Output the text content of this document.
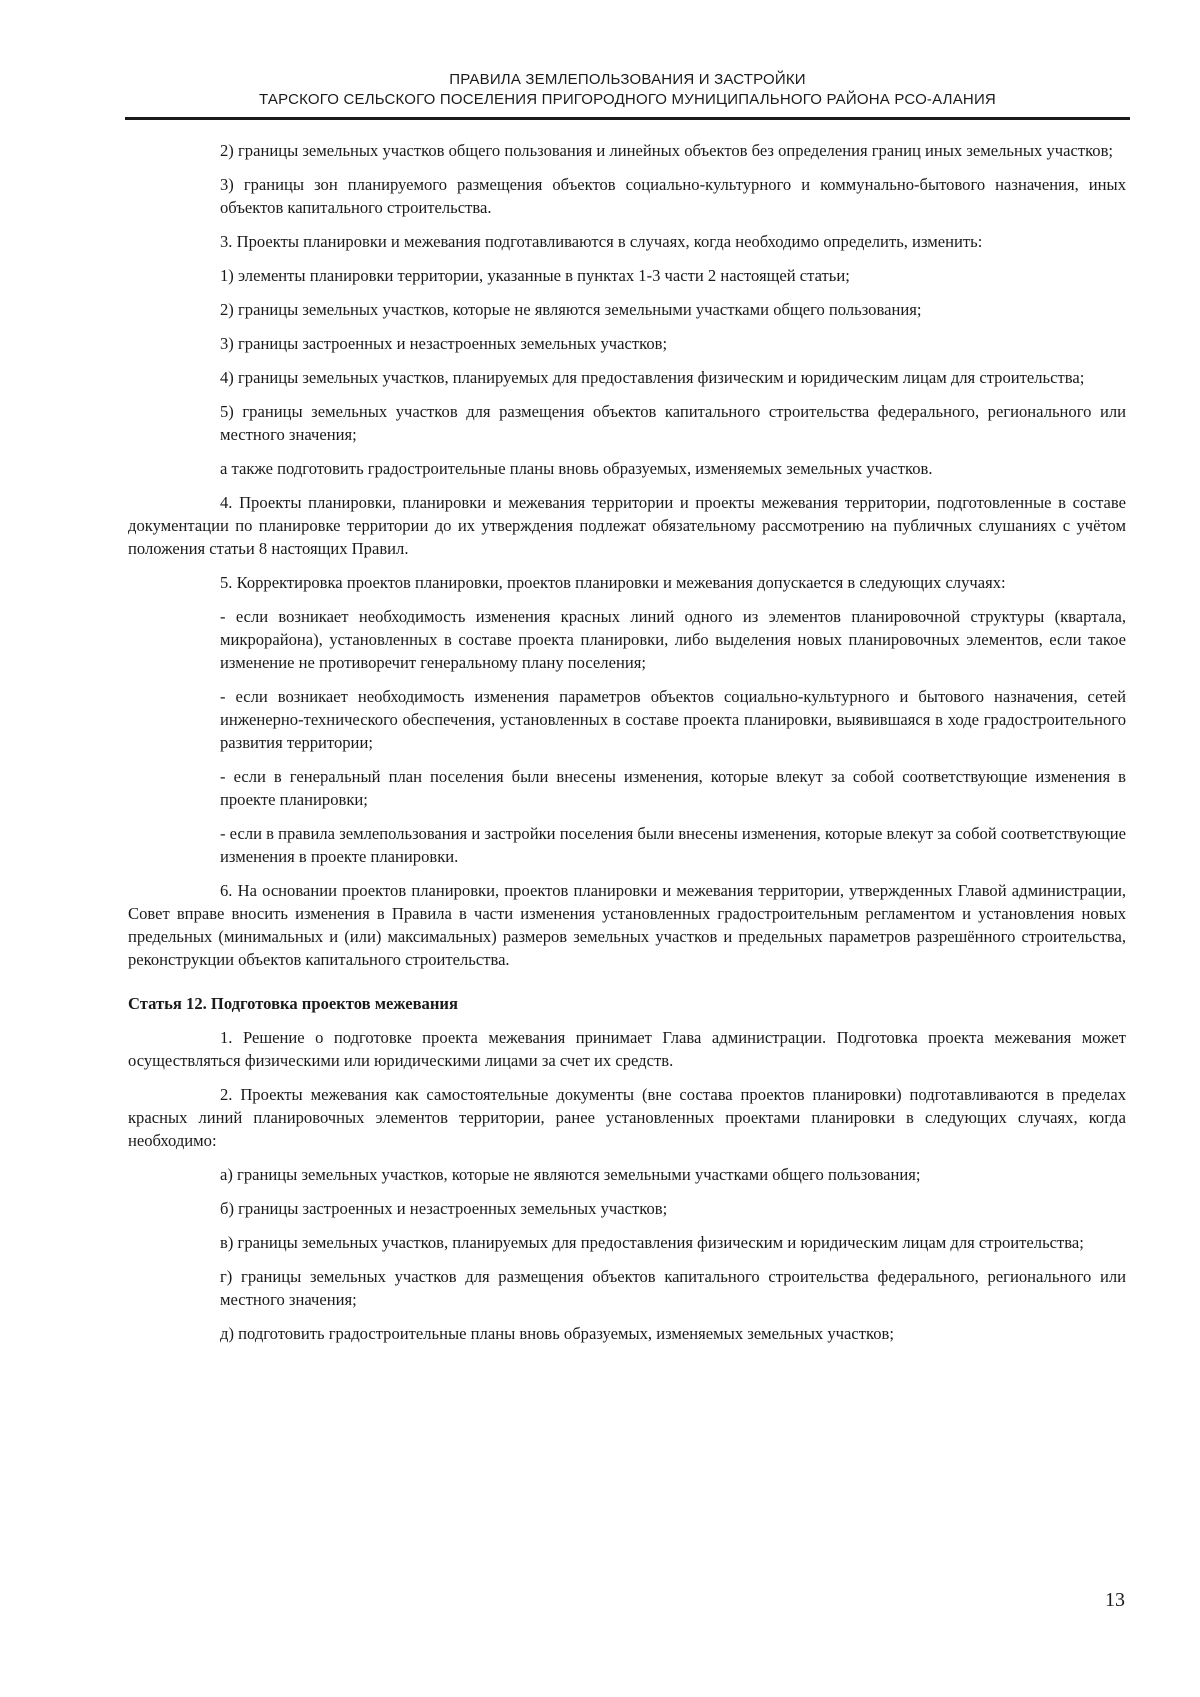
ПРАВИЛА ЗЕМЛЕПОЛЬЗОВАНИЯ И ЗАСТРОЙКИ
ТАРСКОГО СЕЛЬСКОГО ПОСЕЛЕНИЯ ПРИГОРОДНОГО МУНИЦИПАЛЬНОГО РАЙОНА РСО-АЛАНИЯ

2) границы земельных участков общего пользования и линейных объектов без определения границ иных земельных участков;

3) границы зон планируемого размещения объектов социально-культурного и коммунально-бытового назначения, иных объектов капитального строительства.

3. Проекты планировки и межевания подготавливаются в случаях, когда необходимо определить, изменить:

1) элементы планировки территории, указанные в пунктах 1-3 части 2 настоящей статьи;

2) границы земельных участков, которые не являются земельными участками общего пользования;

3) границы застроенных и незастроенных земельных участков;

4) границы земельных участков, планируемых для предоставления физическим и юридическим лицам для строительства;

5) границы земельных участков для размещения объектов капитального строительства федерального, регионального или местного значения;

а также подготовить градостроительные планы вновь образуемых, изменяемых земельных участков.

4. Проекты планировки, планировки и межевания территории и проекты межевания территории, подготовленные в составе документации по планировке территории до их утверждения подлежат обязательному рассмотрению на публичных слушаниях с учётом положения статьи 8 настоящих Правил.

5. Корректировка проектов планировки, проектов планировки и межевания допускается в следующих случаях:

- если возникает необходимость изменения красных линий одного из элементов планировочной структуры (квартала, микрорайона), установленных в составе проекта планировки, либо выделения новых планировочных элементов, если такое изменение не противоречит генеральному плану поселения;

- если возникает необходимость изменения параметров объектов социально-культурного и бытового назначения, сетей инженерно-технического обеспечения, установленных в составе проекта планировки, выявившаяся в ходе градостроительного развития территории;

- если в генеральный план поселения были внесены изменения, которые влекут за собой соответствующие изменения в проекте планировки;

- если в правила землепользования и застройки поселения были внесены изменения, которые влекут за собой соответствующие изменения в проекте планировки.

6. На основании проектов планировки, проектов планировки и межевания территории, утвержденных Главой администрации, Совет вправе вносить изменения в Правила в части изменения установленных градостроительным регламентом и установления новых предельных (минимальных и (или) максимальных) размеров земельных участков и предельных параметров разрешённого строительства, реконструкции объектов капитального строительства.

Статья 12. Подготовка проектов межевания

1. Решение о подготовке проекта межевания принимает Глава администрации. Подготовка проекта межевания может осуществляться физическими или юридическими лицами за счет их средств.

2. Проекты межевания как самостоятельные документы (вне состава проектов планировки) подготавливаются в пределах красных линий планировочных элементов территории, ранее установленных проектами планировки в следующих случаях, когда необходимо:

а) границы земельных участков, которые не являются земельными участками общего пользования;

б) границы застроенных и незастроенных земельных участков;

в) границы земельных участков, планируемых для предоставления физическим и юридическим лицам для строительства;

г) границы земельных участков для размещения объектов капитального строительства федерального, регионального или местного значения;

д) подготовить градостроительные планы вновь образуемых, изменяемых земельных участков;

13
